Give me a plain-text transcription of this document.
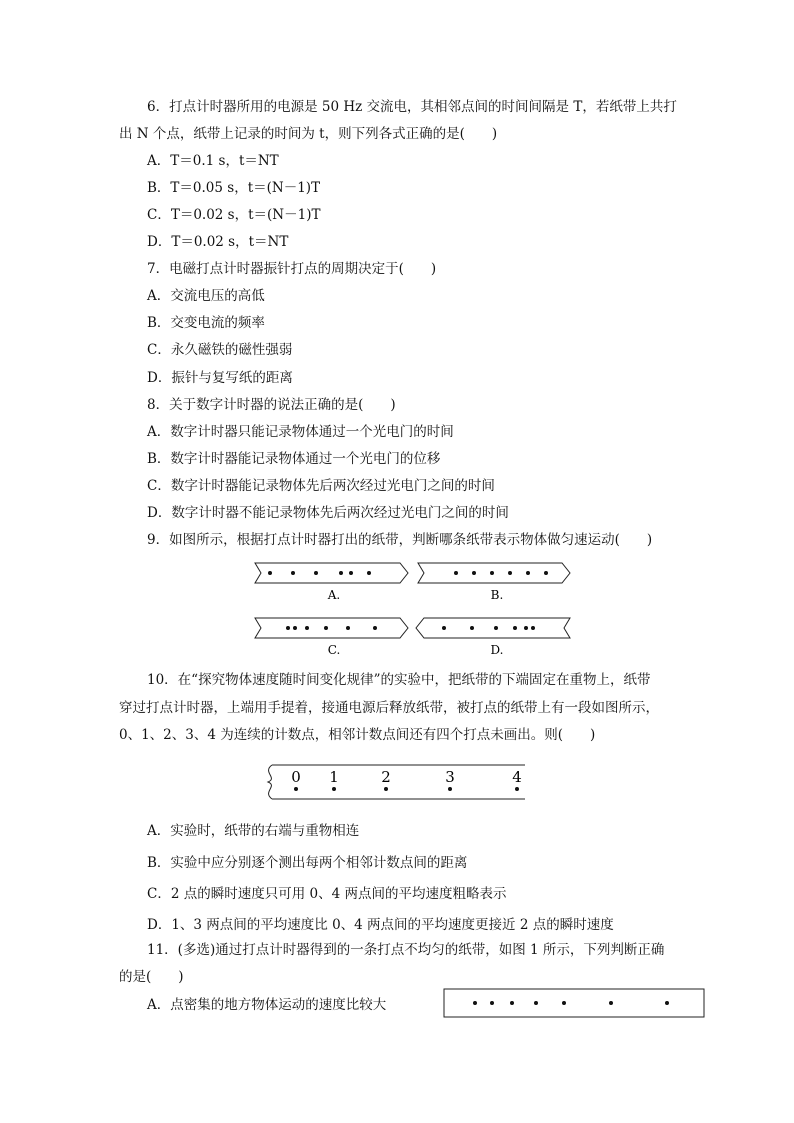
6．打点计时器所用的电源是 50 Hz 交流电，其相邻点间的时间间隔是 T，若纸带上共打
出 N 个点，纸带上记录的时间为 t，则下列各式正确的是(　　)
A．T＝0.1 s，t＝NT
B．T＝0.05 s，t＝(N－1)T
C．T＝0.02 s，t＝(N－1)T
D．T＝0.02 s，t＝NT
7．电磁打点计时器振针打点的周期决定于(　　)
A．交流电压的高低
B．交变电流的频率
C．永久磁铁的磁性强弱
D．振针与复写纸的距离
8．关于数字计时器的说法正确的是(　　)
A．数字计时器只能记录物体通过一个光电门的时间
B．数字计时器能记录物体通过一个光电门的位移
C．数字计时器能记录物体先后两次经过光电门之间的时间
D．数字计时器不能记录物体先后两次经过光电门之间的时间
9．如图所示，根据打点计时器打出的纸带，判断哪条纸带表示物体做匀速运动(　　)
A.	B.
C.	D.
10．在“探究物体速度随时间变化规律”的实验中，把纸带的下端固定在重物上，纸带
穿过打点计时器，上端用手提着，接通电源后释放纸带，被打点的纸带上有一段如图所示，
0、1、2、3、4 为连续的计数点，相邻计数点间还有四个打点未画出。则(　　)
0 1	2	3	4
A．实验时，纸带的右端与重物相连
B．实验中应分别逐个测出每两个相邻计数点间的距离
C．2 点的瞬时速度只可用 0、4 两点间的平均速度粗略表示
D．1、3 两点间的平均速度比 0、4 两点间的平均速度更接近 2 点的瞬时速度
11．(多选)通过打点计时器得到的一条打点不均匀的纸带，如图 1 所示，下列判断正确
的是(　　)
A．点密集的地方物体运动的速度比较大
